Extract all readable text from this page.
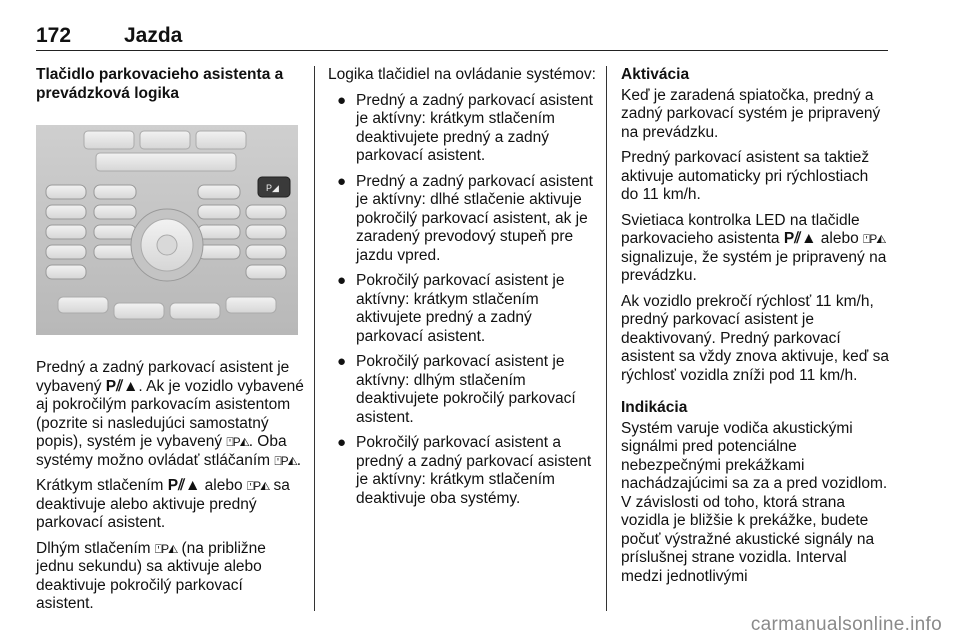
172	Jazda
Tlačidlo parkovacieho asistenta a prevádzková logika
P◢

Predný a zadný parkovací asistent je vybavený P⫽▲. Ak je vozidlo vybavené aj pokročilým parkovacím asistentom (pozrite si nasledujúci samostatný popis), systém je vybavený ⍞P◭. Oba systémy možno ovládať stláčaním ⍞P◭.

Krátkym stlačením P⫽▲ alebo ⍞P◭ sa deaktivuje alebo aktivuje predný parkovací asistent.

Dlhým stlačením ⍞P◭ (na približne jednu sekundu) sa aktivuje alebo deaktivuje pokročilý parkovací asistent.

Logika tlačidiel na ovládanie systémov:

● Predný a zadný parkovací asistent je aktívny: krátkym stlačením deaktivujete predný a zadný parkovací asistent.
● Predný a zadný parkovací asistent je aktívny: dlhé stlačenie aktivuje pokročilý parkovací asistent, ak je zaradený prevodový stupeň pre jazdu vpred.
● Pokročilý parkovací asistent je aktívny: krátkym stlačením aktivujete predný a zadný parkovací asistent.
● Pokročilý parkovací asistent je aktívny: dlhým stlačením deaktivujete pokročilý parkovací asistent.
● Pokročilý parkovací asistent a predný a zadný parkovací asistent je aktívny: krátkym stlačením deaktivuje oba systémy.
Aktivácia

Keď je zaradená spiatočka, predný a zadný parkovací systém je pripravený na prevádzku.

Predný parkovací asistent sa taktiež aktivuje automaticky pri rýchlostiach do 11 km/h.

Svietiaca kontrolka LED na tlačidle parkovacieho asistenta P⫽▲ alebo ⍞P◭ signalizuje, že systém je pripravený na prevádzku.

Ak vozidlo prekročí rýchlosť 11 km/h, predný parkovací asistent je deaktivovaný. Predný parkovací asistent sa vždy znova aktivuje, keď sa rýchlosť vozidla zníži pod 11 km/h.

Indikácia

Systém varuje vodiča akustickými signálmi pred potenciálne nebezpečnými prekážkami nachádzajúcimi sa za a pred vozidlom. V závislosti od toho, ktorá strana vozidla je bližšie k prekážke, budete počuť výstražné akustické signály na príslušnej strane vozidla. Interval medzi jednotlivými

carmanualsonline.info
